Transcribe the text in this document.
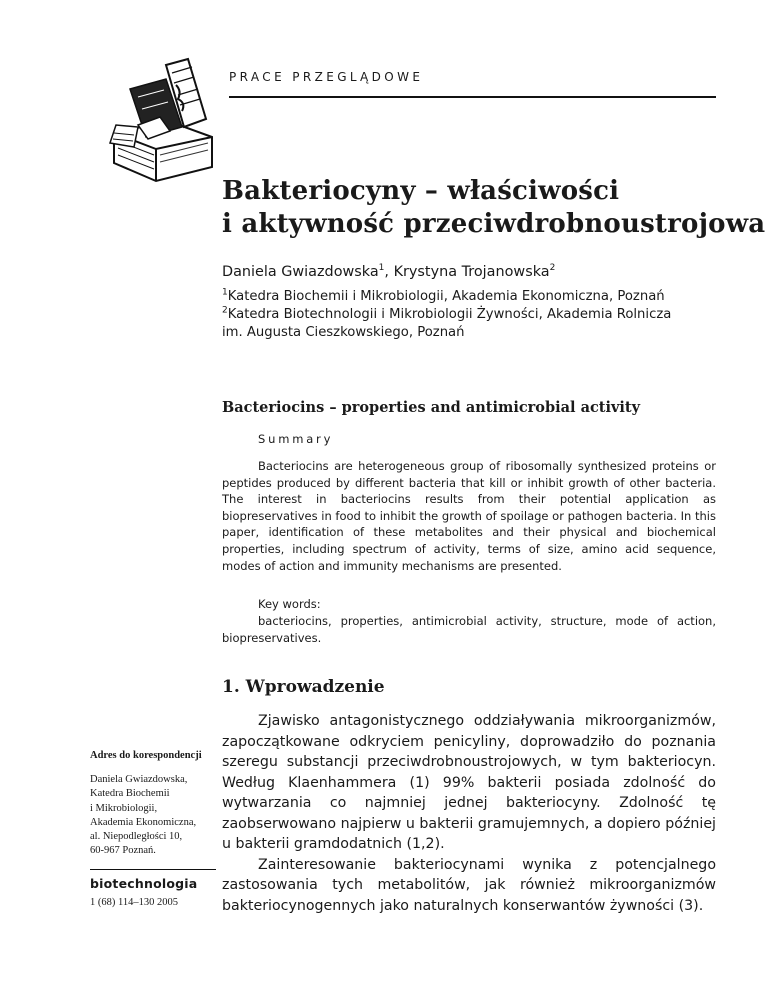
PRACE PRZEGLĄDOWE
Bakteriocyny – właściwości
i aktywność przeciwdrobnoustrojowa
Daniela Gwiazdowska$^1$, Krystyna Trojanowska$^2$
$^1$Katedra Biochemii i Mikrobiologii, Akademia Ekonomiczna, Poznań
$^2$Katedra Biotechnologii i Mikrobiologii Żywności, Akademia Rolnicza
im. Augusta Cieszkowskiego, Poznań
Bacteriocins – properties and antimicrobial activity
Summary
Bacteriocins are heterogeneous group of ribosomally synthesized proteins or peptides produced by different bacteria that kill or inhibit growth of other bacteria. The interest in bacteriocins results from their potential application as biopreservatives in food to inhibit the growth of spoilage or pathogen bacteria. In this paper, identification of these metabolites and their physical and biochemical properties, including spectrum of activity, terms of size, amino acid sequence, modes of action and immunity mechanisms are presented.
Key words:
bacteriocins, properties, antimicrobial activity, structure, mode of action, biopreservatives.
1. Wprowadzenie

Zjawisko antagonistycznego oddziaływania mikroorganizmów, zapoczątkowane odkryciem penicyliny, doprowadziło do poznania szeregu substancji przeciwdrobnoustrojowych, w tym bakteriocyn. Według Klaenhammera (1) 99% bakterii posiada zdolność do wytwarzania co najmniej jednej bakteriocyny. Zdolność tę zaobserwowano najpierw u bakterii gramujemnych, a dopiero później u bakterii gramdodatnich (1,2).

Zainteresowanie bakteriocynami wynika z potencjalnego zastosowania tych metabolitów, jak również mikroorganizmów bakteriocynogennych jako naturalnych konserwantów żywności (3).

Adres do korespondencji
Daniela Gwiazdowska,
Katedra Biochemii
i Mikrobiologii,
Akademia Ekonomiczna,
al. Niepodległości 10,
60-967 Poznań.
biotechnologia
1 (68) 114–130 2005
